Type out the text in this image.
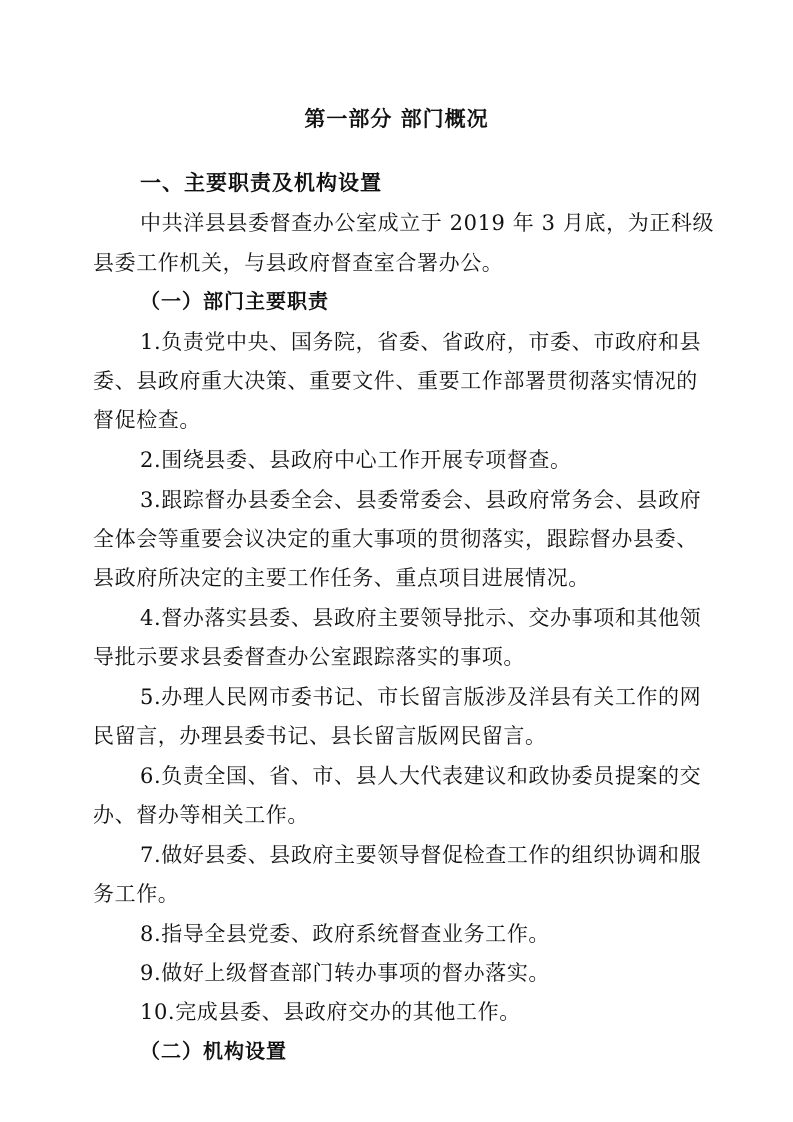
第一部分 部门概况
一、主要职责及机构设置
中共洋县县委督查办公室成立于 2019 年 3 月底，为正科级
县委工作机关，与县政府督查室合署办公。
（一）部门主要职责
1.负责党中央、国务院，省委、省政府，市委、市政府和县
委、县政府重大决策、重要文件、重要工作部署贯彻落实情况的
督促检查。
2.围绕县委、县政府中心工作开展专项督查。
3.跟踪督办县委全会、县委常委会、县政府常务会、县政府
全体会等重要会议决定的重大事项的贯彻落实，跟踪督办县委、
县政府所决定的主要工作任务、重点项目进展情况。
4.督办落实县委、县政府主要领导批示、交办事项和其他领
导批示要求县委督查办公室跟踪落实的事项。
5.办理人民网市委书记、市长留言版涉及洋县有关工作的网
民留言，办理县委书记、县长留言版网民留言。
6.负责全国、省、市、县人大代表建议和政协委员提案的交
办、督办等相关工作。
7.做好县委、县政府主要领导督促检查工作的组织协调和服
务工作。
8.指导全县党委、政府系统督查业务工作。
9.做好上级督查部门转办事项的督办落实。
10.完成县委、县政府交办的其他工作。
（二）机构设置
